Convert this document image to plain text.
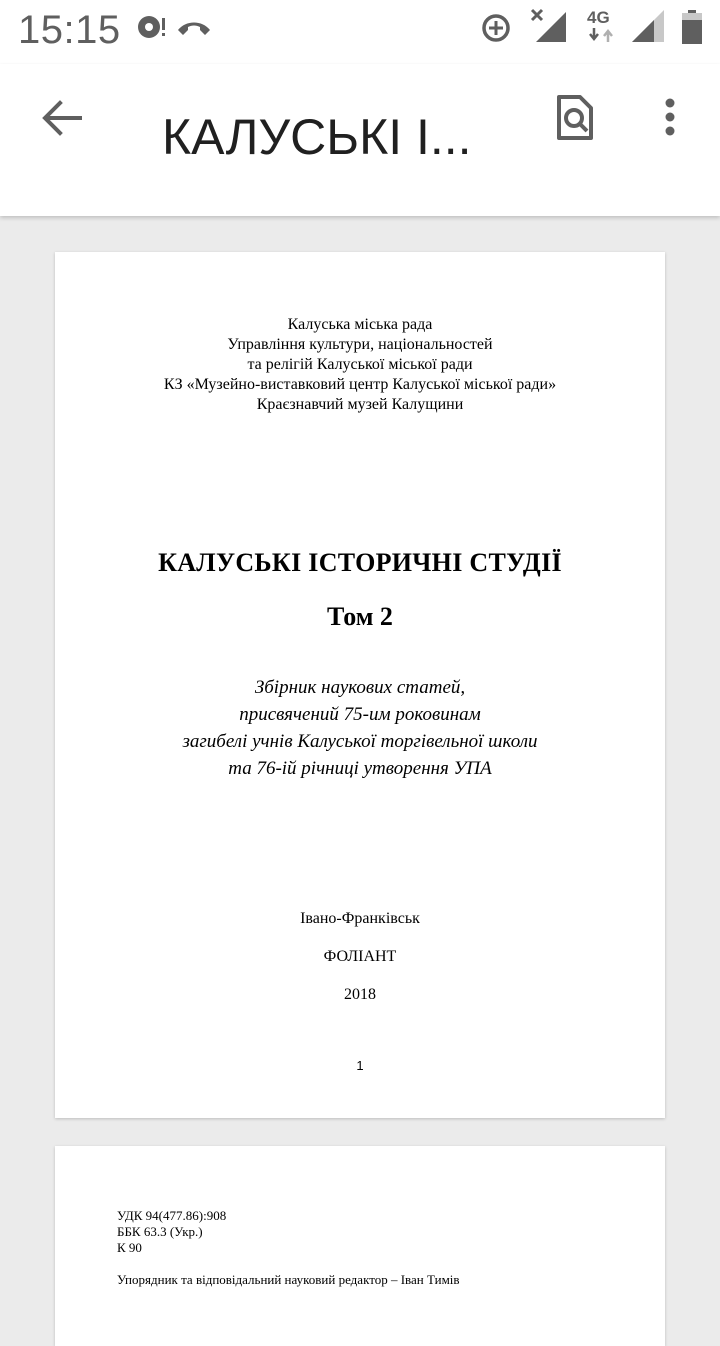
15:15	4G
КАЛУСЬКІ І...
Калуська міська рада
Управління культури, національностей
та релігій Калуської міської ради
КЗ «Музейно-виставковий центр Калуської міської ради»
Краєзнавчий музей Калущини
КАЛУСЬКІ ІСТОРИЧНІ СТУДІЇ
Том 2
Збірник наукових статей,
присвячений 75-им роковинам
загибелі учнів Калуської торгівельної школи
та 76-ій річниці утворення УПА
Івано-Франківськ
ФОЛІАНТ
2018
1
УДК 94(477.86):908
ББК 63.3 (Укр.)
К 90
Упорядник та відповідальний науковий редактор – Іван Тимів
